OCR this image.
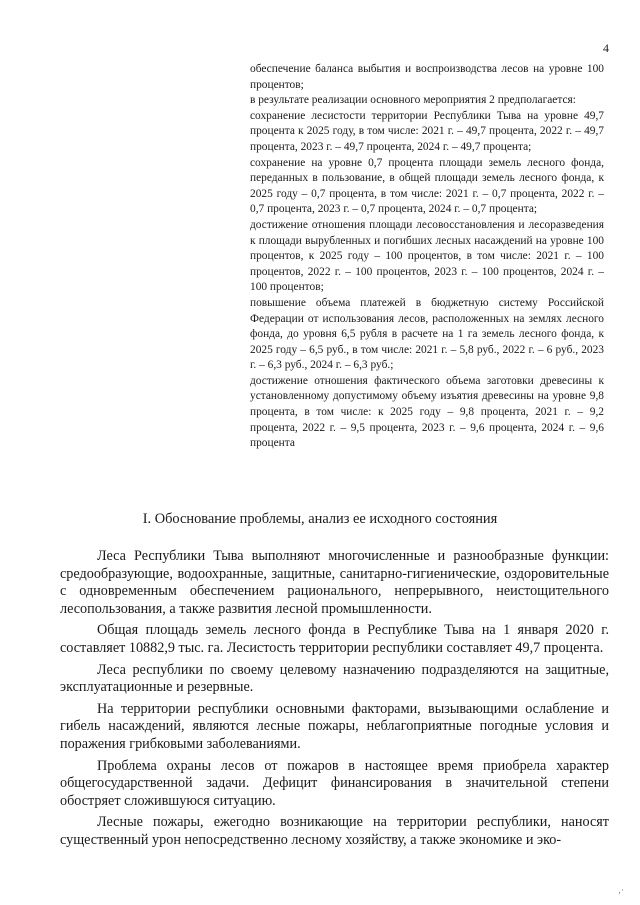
4

обеспечение баланса выбытия и воспроизводства лесов на уровне 100 процентов;

в результате реализации основного мероприятия 2 предполагается:

сохранение лесистости территории Республики Тыва на уровне 49,7 процента к 2025 году, в том числе: 2021 г. – 49,7 процента, 2022 г. – 49,7 процента, 2023 г. – 49,7 процента, 2024 г. – 49,7 процента;

сохранение на уровне 0,7 процента площади земель лесного фонда, переданных в пользование, в общей площади земель лесного фонда, к 2025 году – 0,7 процента, в том числе: 2021 г. – 0,7 процента, 2022 г. – 0,7 процента, 2023 г. – 0,7 процента, 2024 г. – 0,7 процента;

достижение отношения площади лесовосстановления и лесоразведения к площади вырубленных и погибших лесных насаждений на уровне 100 процентов, к 2025 году – 100 процентов, в том числе: 2021 г. – 100 процентов, 2022 г. – 100 процентов, 2023 г. – 100 процентов, 2024 г. – 100 процентов;

повышение объема платежей в бюджетную систему Российской Федерации от использования лесов, расположенных на землях лесного фонда, до уровня 6,5 рубля в расчете на 1 га земель лесного фонда, к 2025 году – 6,5 руб., в том числе: 2021 г. – 5,8 руб., 2022 г. – 6 руб., 2023 г. – 6,3 руб., 2024 г. – 6,3 руб.;

достижение отношения фактического объема заготовки древесины к установленному допустимому объему изъятия древесины на уровне 9,8 процента, в том числе: к 2025 году – 9,8 процента, 2021 г. – 9,2 процента, 2022 г. – 9,5 процента, 2023 г. – 9,6 процента, 2024 г. – 9,6 процента

I. Обоснование проблемы, анализ ее исходного состояния

Леса Республики Тыва выполняют многочисленные и разнообразные функции: средообразующие, водоохранные, защитные, санитарно-гигиенические, оздоровительные с одновременным обеспечением рационального, непрерывного, неистощительного лесопользования, а также развития лесной промышленности.

Общая площадь земель лесного фонда в Республике Тыва на 1 января 2020 г. составляет 10882,9 тыс. га. Лесистость территории республики составляет 49,7 процента.

Леса республики по своему целевому назначению подразделяются на защитные, эксплуатационные и резервные.

На территории республики основными факторами, вызывающими ослабление и гибель насаждений, являются лесные пожары, неблагоприятные погодные условия и поражения грибковыми заболеваниями.

Проблема охраны лесов от пожаров в настоящее время приобрела характер общегосударственной задачи. Дефицит финансирования в значительной степени обостряет сложившуюся ситуацию.

Лесные пожары, ежегодно возникающие на территории республики, наносят существенный урон непосредственно лесному хозяйству, а также экономике и эко-

‚·
